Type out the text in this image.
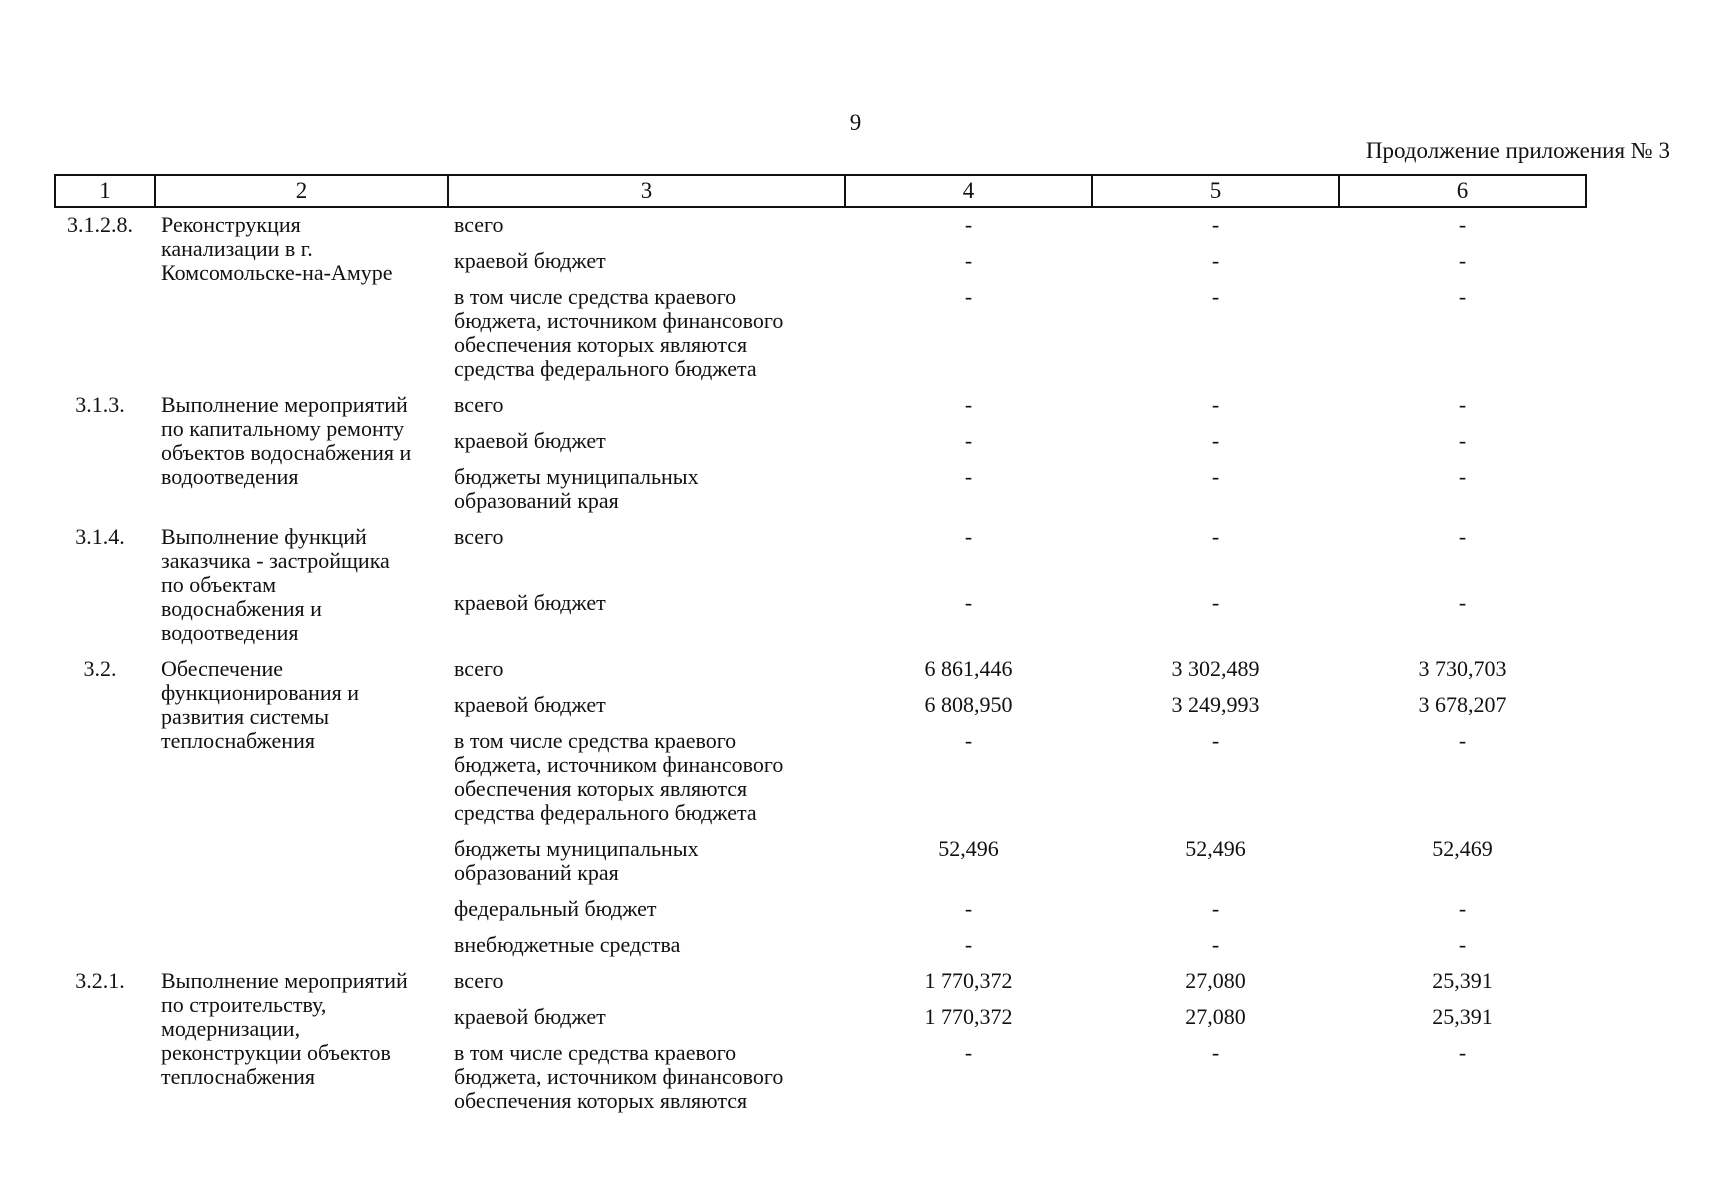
9
Продолжение приложения № 3
1	2	3	4	5	6

3.1.2.8.	Реконструкция
канализации в г.
Комсомольске-на-Амуре	всего	-	-	-

		краевой бюджет	-	-	-

		в том числе средства краевого
бюджета, источником финансового
обеспечения которых являются
средства федерального бюджета	-	-	-

3.1.3.	Выполнение мероприятий
по капитальному ремонту
объектов водоснабжения и
водоотведения	всего	-	-	-

		краевой бюджет	-	-	-

		бюджеты муниципальных
образований края	-	-	-

3.1.4.	Выполнение функций
заказчика - застройщика
по объектам
водоснабжения и
водоотведения	всего	-	-	-

		краевой бюджет	-	-	-

3.2.	Обеспечение
функционирования и
развития системы
теплоснабжения	всего	6 861,446	3 302,489	3 730,703

		краевой бюджет	6 808,950	3 249,993	3 678,207

		в том числе средства краевого
бюджета, источником финансового
обеспечения которых являются
средства федерального бюджета	-	-	-

		бюджеты муниципальных
образований края	52,496	52,496	52,469

		федеральный бюджет	-	-	-

		внебюджетные средства	-	-	-

3.2.1.	Выполнение мероприятий
по строительству,
модернизации,
реконструкции объектов
теплоснабжения	всего	1 770,372	27,080	25,391

		краевой бюджет	1 770,372	27,080	25,391

		в том числе средства краевого
бюджета, источником финансового
обеспечения которых являются	-	-	-
